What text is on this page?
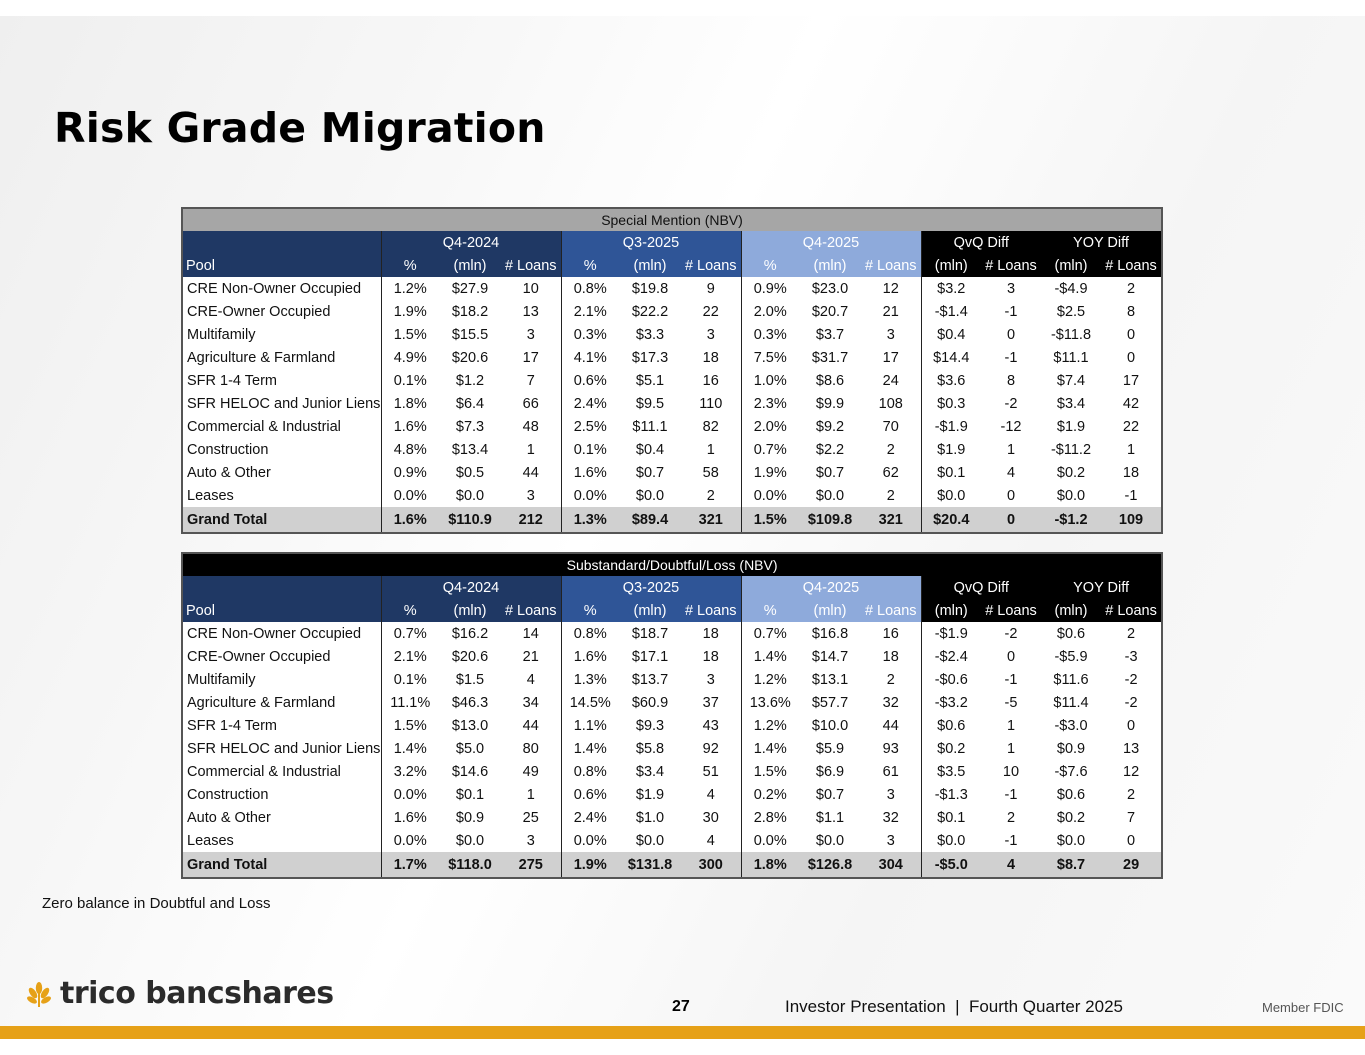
Risk Grade Migration
Special Mention (NBV)													
	Q4-2024			Q3-2025			Q4-2025			QvQ Diff		YOY Diff	
Pool	%	(mln)	# Loans	%	(mln)	# Loans	%	(mln)	# Loans	(mln)	# Loans	(mln)	# Loans
CRE Non-Owner Occupied	1.2%	$27.9	10	0.8%	$19.8	9	0.9%	$23.0	12	$3.2	3	-$4.9	2
CRE-Owner Occupied	1.9%	$18.2	13	2.1%	$22.2	22	2.0%	$20.7	21	-$1.4	-1	$2.5	8
Multifamily	1.5%	$15.5	3	0.3%	$3.3	3	0.3%	$3.7	3	$0.4	0	-$11.8	0
Agriculture & Farmland	4.9%	$20.6	17	4.1%	$17.3	18	7.5%	$31.7	17	$14.4	-1	$11.1	0
SFR 1-4 Term	0.1%	$1.2	7	0.6%	$5.1	16	1.0%	$8.6	24	$3.6	8	$7.4	17
SFR HELOC and Junior Liens	1.8%	$6.4	66	2.4%	$9.5	110	2.3%	$9.9	108	$0.3	-2	$3.4	42
Commercial & Industrial	1.6%	$7.3	48	2.5%	$11.1	82	2.0%	$9.2	70	-$1.9	-12	$1.9	22
Construction	4.8%	$13.4	1	0.1%	$0.4	1	0.7%	$2.2	2	$1.9	1	-$11.2	1
Auto & Other	0.9%	$0.5	44	1.6%	$0.7	58	1.9%	$0.7	62	$0.1	4	$0.2	18
Leases	0.0%	$0.0	3	0.0%	$0.0	2	0.0%	$0.0	2	$0.0	0	$0.0	-1
Grand Total	1.6%	$110.9	212	1.3%	$89.4	321	1.5%	$109.8	321	$20.4	0	-$1.2	109
Substandard/Doubtful/Loss (NBV)													
	Q4-2024			Q3-2025			Q4-2025			QvQ Diff		YOY Diff	
Pool	%	(mln)	# Loans	%	(mln)	# Loans	%	(mln)	# Loans	(mln)	# Loans	(mln)	# Loans
CRE Non-Owner Occupied	0.7%	$16.2	14	0.8%	$18.7	18	0.7%	$16.8	16	-$1.9	-2	$0.6	2
CRE-Owner Occupied	2.1%	$20.6	21	1.6%	$17.1	18	1.4%	$14.7	18	-$2.4	0	-$5.9	-3
Multifamily	0.1%	$1.5	4	1.3%	$13.7	3	1.2%	$13.1	2	-$0.6	-1	$11.6	-2
Agriculture & Farmland	11.1%	$46.3	34	14.5%	$60.9	37	13.6%	$57.7	32	-$3.2	-5	$11.4	-2
SFR 1-4 Term	1.5%	$13.0	44	1.1%	$9.3	43	1.2%	$10.0	44	$0.6	1	-$3.0	0
SFR HELOC and Junior Liens	1.4%	$5.0	80	1.4%	$5.8	92	1.4%	$5.9	93	$0.2	1	$0.9	13
Commercial & Industrial	3.2%	$14.6	49	0.8%	$3.4	51	1.5%	$6.9	61	$3.5	10	-$7.6	12
Construction	0.0%	$0.1	1	0.6%	$1.9	4	0.2%	$0.7	3	-$1.3	-1	$0.6	2
Auto & Other	1.6%	$0.9	25	2.4%	$1.0	30	2.8%	$1.1	32	$0.1	2	$0.2	7
Leases	0.0%	$0.0	3	0.0%	$0.0	4	0.0%	$0.0	3	$0.0	-1	$0.0	0
Grand Total	1.7%	$118.0	275	1.9%	$131.8	300	1.8%	$126.8	304	-$5.0	4	$8.7	29
Zero balance in Doubtful and Loss
trico bancshares	27	Investor Presentation  |  Fourth Quarter 2025	Member FDIC
